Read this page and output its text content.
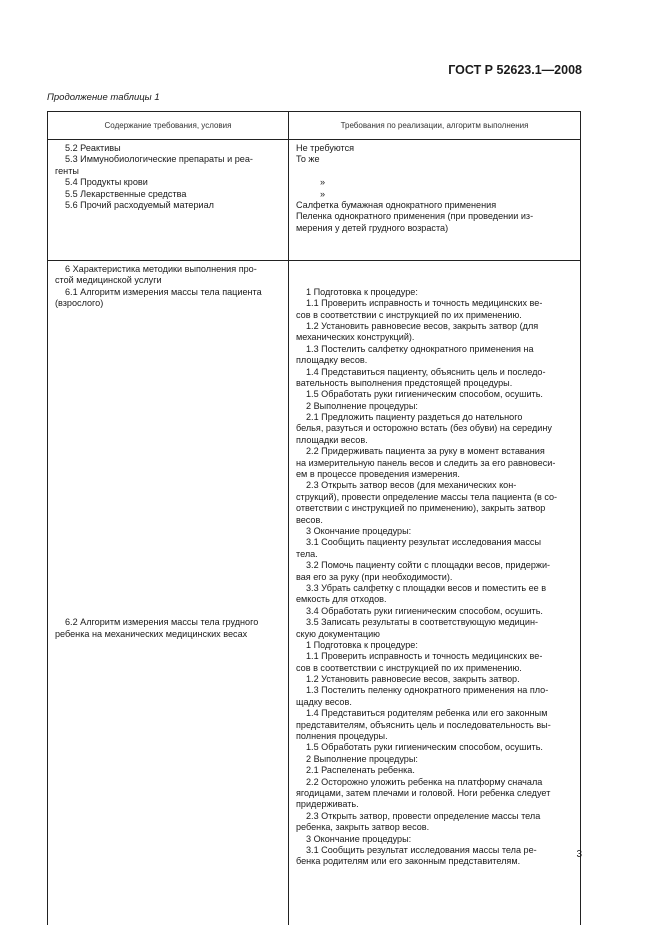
ГОСТ Р 52623.1—2008
Продолжение таблицы 1
Содержание требования, условия	Требования по реализации, алгоритм выполнения
5.2 Реактивы
5.3 Иммунобиологические препараты и реа-
генты
5.4 Продукты крови
5.5 Лекарственные средства
5.6 Прочий расходуемый материал
Не требуются
То же
»
»
Салфетка бумажная однократного применения
Пеленка однократного применения (при проведении из-
мерения у детей грудного возраста)
6 Характеристика методики выполнения про-
стой медицинской услуги
6.1 Алгоритм измерения массы тела пациента
(взрослого)
6.2 Алгоритм измерения массы тела грудного
ребенка на механических медицинских весах
1 Подготовка к процедуре:
1.1 Проверить исправность и точность медицинских ве-
сов в соответствии с инструкцией по их применению.
1.2 Установить равновесие весов, закрыть затвор (для
механических конструкций).
1.3 Постелить салфетку однократного применения на
площадку весов.
1.4 Представиться пациенту, объяснить цель и последо-
вательность выполнения предстоящей процедуры.
1.5 Обработать руки гигиеническим способом, осушить.
2 Выполнение процедуры:
2.1 Предложить пациенту раздеться до нательного
белья, разуться и осторожно встать (без обуви) на середину
площадки весов.
2.2 Придерживать пациента за руку в момент вставания
на измерительную панель весов и следить за его равновеси-
ем в процессе проведения измерения.
2.3 Открыть затвор весов (для механических кон-
струкций), провести определение массы тела пациента (в со-
ответствии с инструкцией по применению), закрыть затвор
весов.
3 Окончание процедуры:
3.1 Сообщить пациенту результат исследования массы
тела.
3.2 Помочь пациенту сойти с площадки весов, придержи-
вая его за руку (при необходимости).
3.3 Убрать салфетку с площадки весов и поместить ее в
емкость для отходов.
3.4 Обработать руки гигиеническим способом, осушить.
3.5 Записать результаты в соответствующую медицин-
скую документацию
1 Подготовка к процедуре:
1.1 Проверить исправность и точность медицинских ве-
сов в соответствии с инструкцией по их применению.
1.2 Установить равновесие весов, закрыть затвор.
1.3 Постелить пеленку однократного применения на пло-
щадку весов.
1.4 Представиться родителям ребенка или его законным
представителям, объяснить цель и последовательность вы-
полнения процедуры.
1.5 Обработать руки гигиеническим способом, осушить.
2 Выполнение процедуры:
2.1 Распеленать ребенка.
2.2 Осторожно уложить ребенка на платформу сначала
ягодицами, затем плечами и головой. Ноги ребенка следует
придерживать.
2.3 Открыть затвор, провести определение массы тела
ребенка, закрыть затвор весов.
3 Окончание процедуры:
3.1 Сообщить результат исследования массы тела ре-
бенка родителям или его законным представителям.
3
